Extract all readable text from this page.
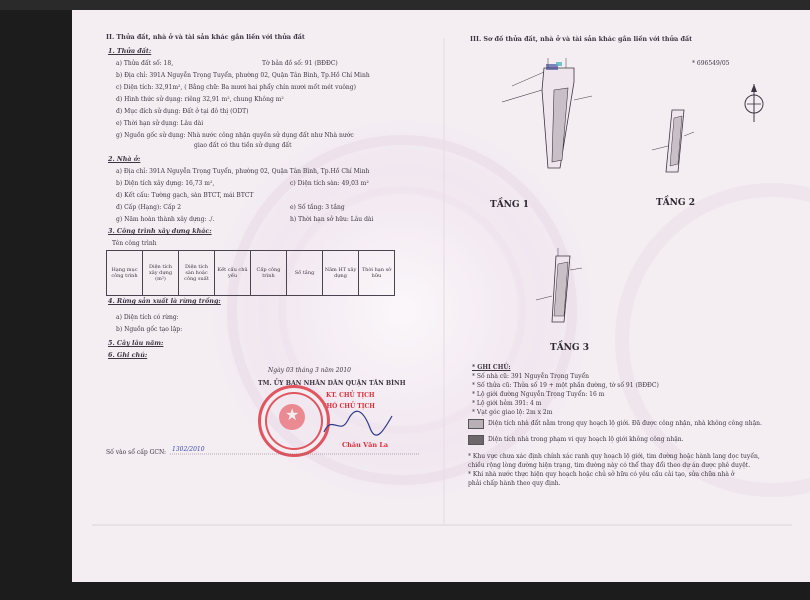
II. Thửa đất, nhà ở và tài sản khác gắn liền với thửa đất
1. Thửa đất:
a) Thửa đất số: 18,	Tờ bản đồ số: 91 (BĐĐC)
b) Địa chỉ: 391A Nguyễn Trọng Tuyển, phường 02, Quận Tân Bình, Tp.Hồ Chí Minh
c) Diện tích: 32,91m², ( Bằng chữ: Ba mươi hai phẩy chín mươi mốt mét vuông)
d) Hình thức sử dụng: riêng 32,91 m², chung Không m²
đ) Mục đích sử dụng: Đất ở tại đô thị (ODT)
e) Thời hạn sử dụng: Lâu dài
g) Nguồn gốc sử dụng: Nhà nước công nhận quyền sử dụng đất như Nhà nước
giao đất có thu tiền sử dụng đất
2. Nhà ở:
a) Địa chỉ: 391A Nguyễn Trọng Tuyển, phường 02, Quận Tân Bình, Tp.Hồ Chí Minh
b) Diện tích xây dựng: 16,73 m²,	c) Diện tích sàn: 49,03 m²
d) Kết cấu: Tường gạch, sàn BTCT, mái BTCT
đ) Cấp (Hạng): Cấp 2	e) Số tầng: 3 tầng
g) Năm hoàn thành xây dựng: ./.	h) Thời hạn sở hữu: Lâu dài
3. Công trình xây dựng khác:
Tên công trình
Hạng mục công trình	Diện tích xây dựng (m²)	Diện tích sàn hoặc công suất	Kết cấu chủ yếu	Cấp công trình	Số tầng	Năm HT xây dựng	Thời hạn sở hữu
4. Rừng sản xuất là rừng trồng:
a) Diện tích có rừng:
b) Nguồn gốc tạo lập:
5. Cây lâu năm:
6. Ghi chú:
Ngày 03 tháng 3 năm 2010
TM. ỦY BAN NHÂN DÂN QUẬN TÂN BÌNH
KT. CHỦ TỊCH
PHÓ CHỦ TỊCH
★
Châu Văn La
Số vào sổ cấp GCN: 1302/2010
III. Sơ đồ thửa đất, nhà ở và tài sản khác gắn liền với thửa đất
* 696549/05
TẦNG 1	TẦNG 2
TẦNG 3
* GHI CHÚ:
* Số nhà cũ: 391 Nguyễn Trọng Tuyển
* Số thửa cũ: Thửa số 19 + một phần đường, tờ số 91 (BĐĐC)
* Lộ giới đường Nguyễn Trọng Tuyển: 16 m
* Lộ giới hẻm 391: 4 m
* Vạt góc giao lộ: 2m x 2m
Diện tích nhà đất nằm trong quy hoạch lộ giới. Đã được công nhận, nhà không công nhận.
Diện tích nhà trong phạm vi quy hoạch lộ giới không công nhận.
* Khu vực chưa xác định chính xác ranh quy hoạch lộ giới, tim đường hoặc hành lang dọc tuyến,
chiều rộng lòng đường hiện trạng, tim đường này có thể thay đổi theo dự án được phê duyệt.
* Khi nhà nước thực hiện quy hoạch hoặc chủ sở hữu có yêu cầu cải tạo, sửa chữa nhà ở
phải chấp hành theo quy định.
